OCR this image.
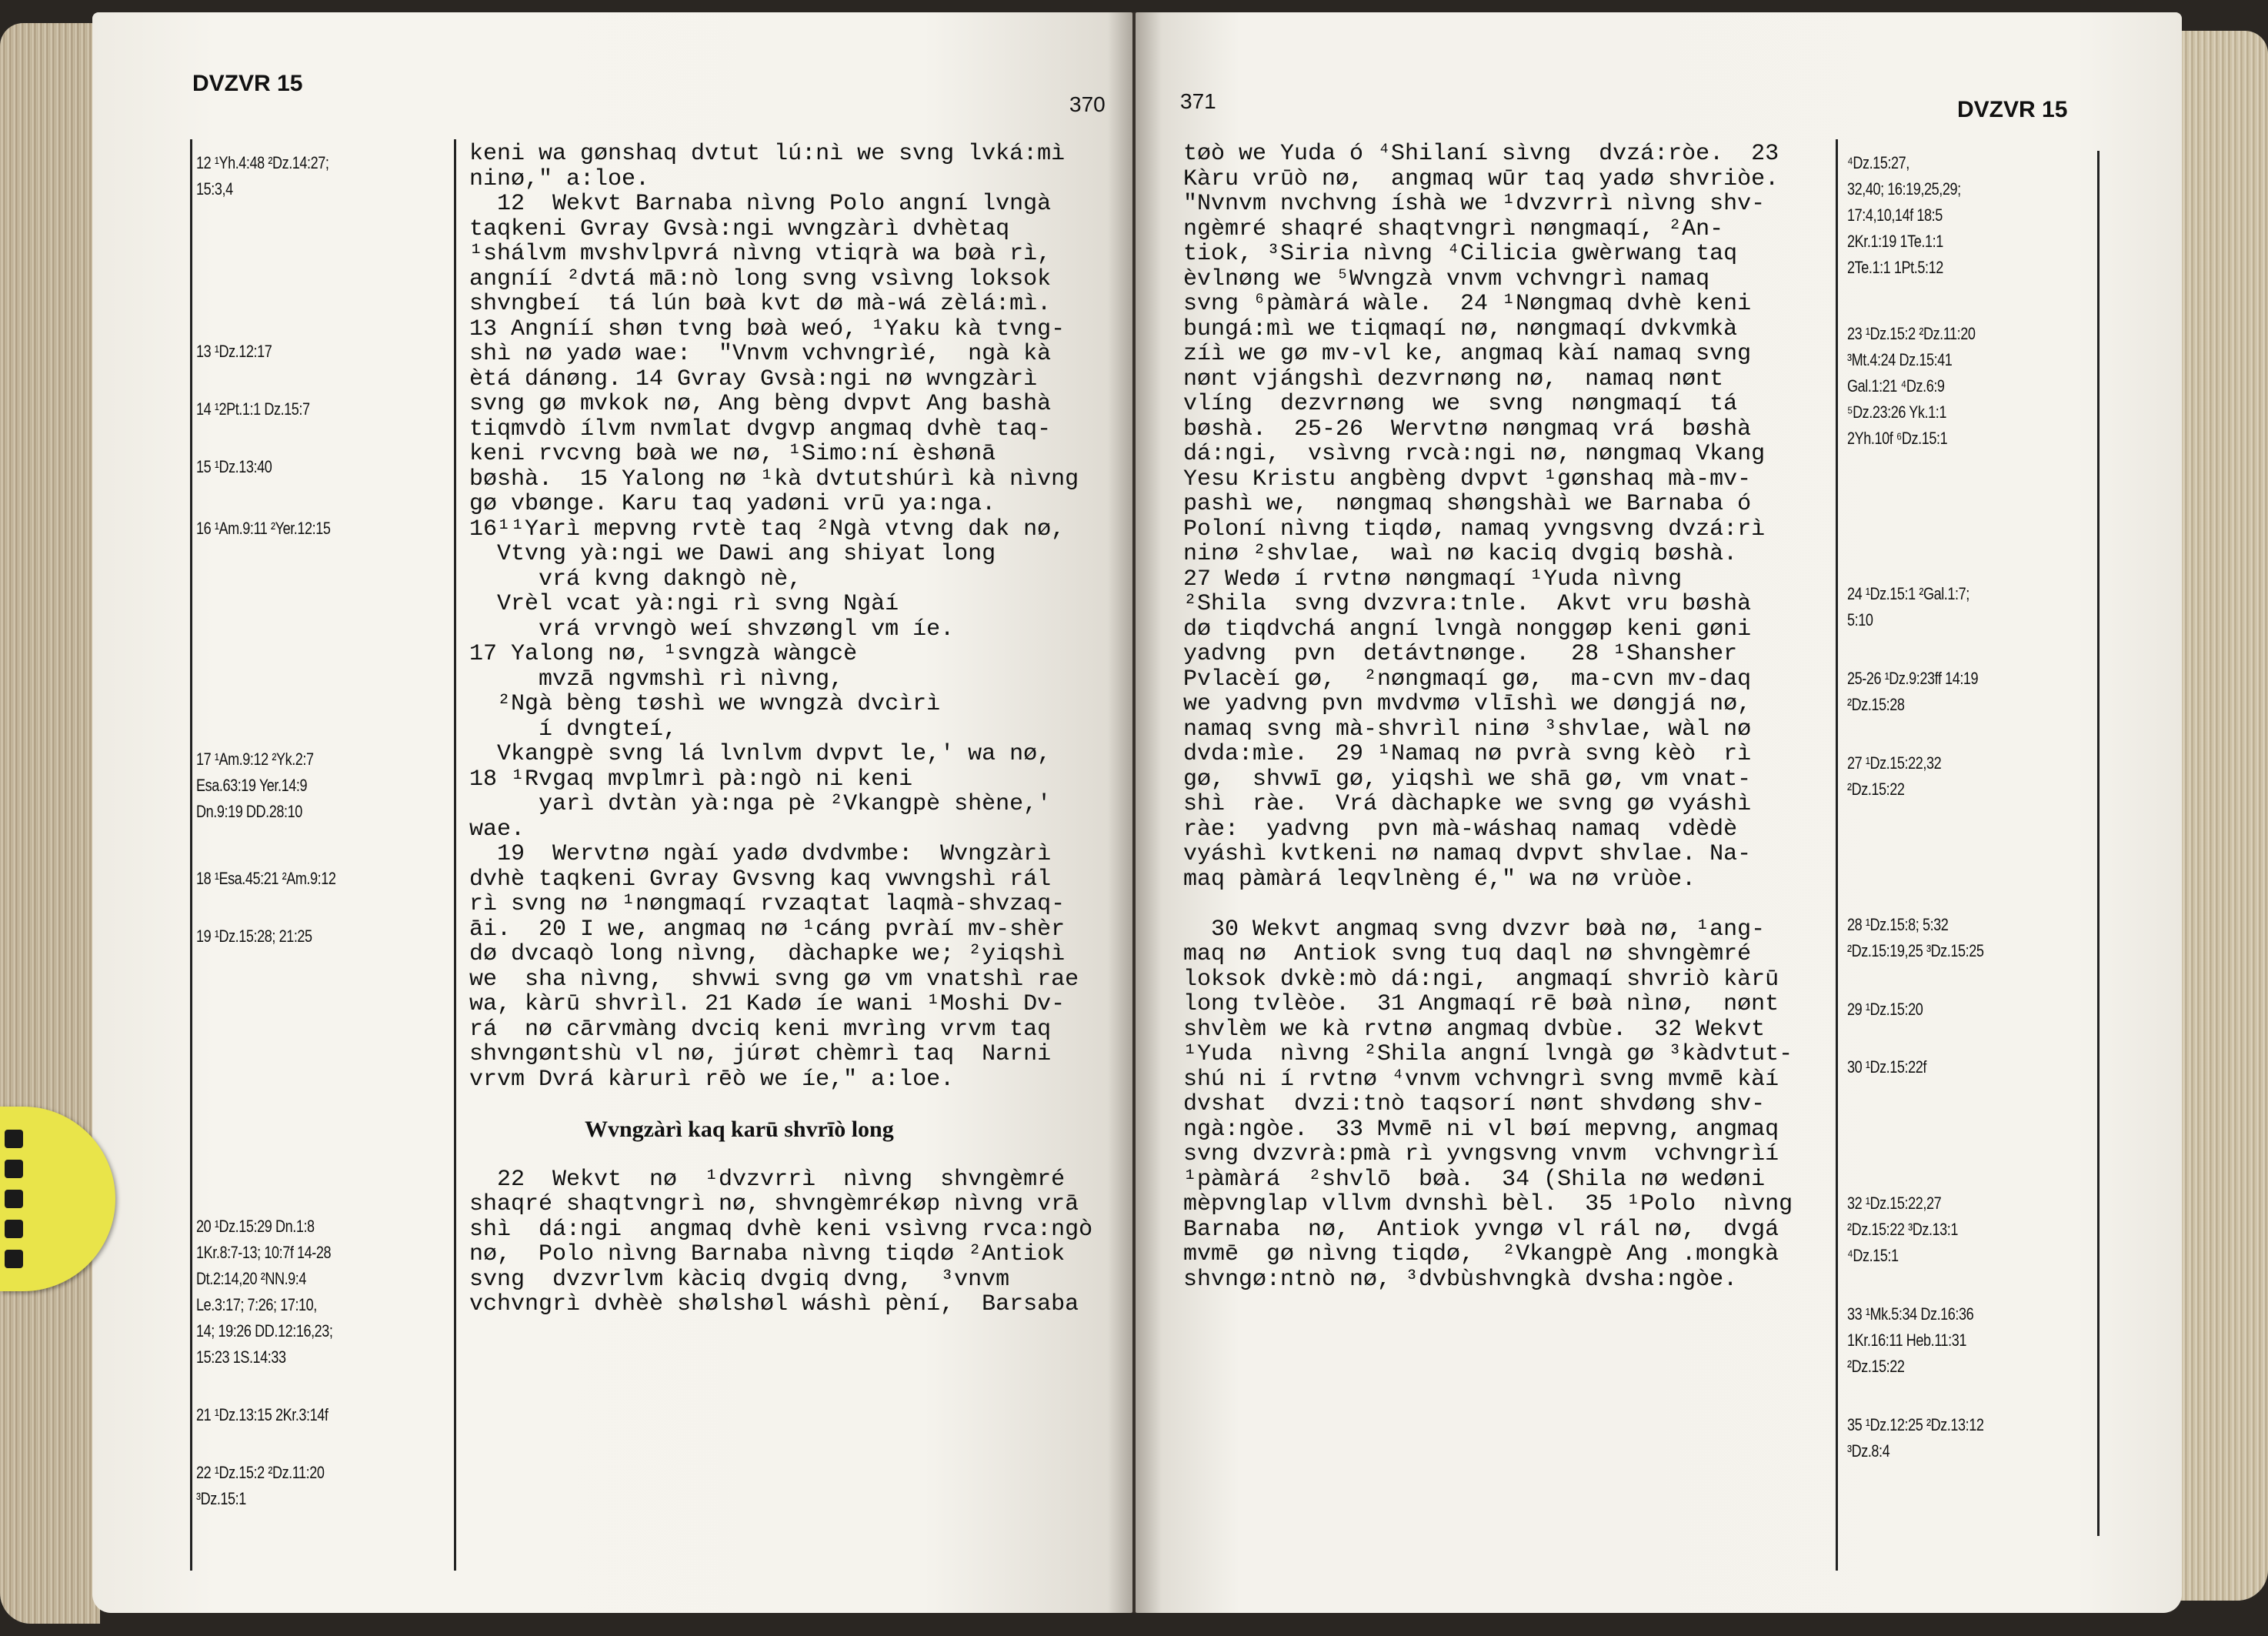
DVZVR 15
370
12 ¹Yh.4:48 ²Dz.14:27;
15:3,4
13 ¹Dz.12:17
14 ¹2Pt.1:1 Dz.15:7
15 ¹Dz.13:40
16 ¹Am.9:11 ²Yer.12:15
17 ¹Am.9:12 ²Yk.2:7
Esa.63:19 Yer.14:9
Dn.9:19 DD.28:10
18 ¹Esa.45:21 ²Am.9:12
19 ¹Dz.15:28; 21:25
20 ¹Dz.15:29 Dn.1:8
1Kr.8:7-13; 10:7f 14-28
Dt.2:14,20 ²NN.9:4
Le.3:17; 7:26; 17:10,
14; 19:26 DD.12:16,23;
15:23 1S.14:33
21 ¹Dz.13:15 2Kr.3:14f
22 ¹Dz.15:2 ²Dz.11:20
³Dz.15:1
keni wa gønshaq dvtut lú:nì we svng lvká:mì
ninø," a:loe.
12  Wekvt Barnaba nìvng Polo angní lvngà
taqkeni Gvray Gvsà:ngi wvngzàrì dvhètaq
¹shálvm mvshvlpvrá nìvng vtiqrà wa bøà rì,
angníí ²dvtá mā:nò long svng vsìvng loksok
shvngbeí  tá lún bøà kvt dø mà-wá zèlá:mì.
13 Angníí shøn tvng bøà weó, ¹Yaku kà tvng-
shì nø yadø wae:  "Vnvm vchvngrìé,  ngà kà
ètá dánøng. 14 Gvray Gvsà:ngi nø wvngzàrì
svng gø mvkok nø, Ang bèng dvpvt Ang bashà
tiqmvdò ílvm nvmlat dvgvp angmaq dvhè taq-
keni rvcvng bøà we nø, ¹Simo:ní èshønā
bøshà.  15 Yalong nø ¹kà dvtutshúrì kà nìvng
gø vbønge. Karu taq yadøni vrū ya:nga.
16¹¹Yarì mepvng rvtè taq ²Ngà vtvng dak nø,
Vtvng yà:ngi we Dawi ang shiyat long
vrá kvng dakngò nè,
Vrèl vcat yà:ngi rì svng Ngàí
vrá vrvngò weí shvzøngl vm íe.
17 Yalong nø, ¹svngzà wàngcè
mvzā ngvmshì rì nìvng,
²Ngà bèng tøshì we wvngzà dvcìrì
í dvngteí,
Vkangpè svng lá lvnlvm dvpvt le,' wa nø,
18 ¹Rvgaq mvplmrì pà:ngò ni keni
yarì dvtàn yà:nga pè ²Vkangpè shène,'
wae.
19  Wervtnø ngàí yadø dvdvmbe:  Wvngzàrì
dvhè taqkeni Gvray Gvsvng kaq vwvngshì rál
rì svng nø ¹nøngmaqí rvzaqtat laqmà-shvzaq-
āi.  20 I we, angmaq nø ¹cáng pvràí mv-shèr
dø dvcaqò long nìvng,  dàchapke we; ²yiqshì
we  sha nìvng,  shvwi svng gø vm vnatshì rae
wa, kàrū shvrìl. 21 Kadø íe wani ¹Moshi Dv-
rá  nø cārvmàng dvciq keni mvrìng vrvm taq
shvngøntshù vl nø, júrøt chèmrì taq  Narni
vrvm Dvrá kàrurì rēò we íe," a:loe.
Wvngzàrì kaq karū shvrīò long
22  Wekvt  nø  ¹dvzvrrì  nìvng  shvngèmré
shaqré shaqtvngrì nø, shvngèmrékøp nìvng vrā
shì  dá:ngi  angmaq dvhè keni vsìvng rvca:ngò
nø,  Polo nìvng Barnaba nìvng tiqdø ²Antiok
svng  dvzvrlvm kàciq dvgiq dvng,  ³vnvm
vchvngrì dvhèè shølshøl wáshì pèní,  Barsaba
371	DVZVR 15
⁴Dz.15:27,
32,40; 16:19,25,29;
17:4,10,14f 18:5
2Kr.1:19 1Te.1:1
2Te.1:1 1Pt.5:12
23 ¹Dz.15:2 ²Dz.11:20
³Mt.4:24 Dz.15:41
Gal.1:21 ⁴Dz.6:9
⁵Dz.23:26 Yk.1:1
2Yh.10f ⁶Dz.15:1
24 ¹Dz.15:1 ²Gal.1:7;
5:10
25-26 ¹Dz.9:23ff 14:19
²Dz.15:28
27 ¹Dz.15:22,32
²Dz.15:22
28 ¹Dz.15:8; 5:32
²Dz.15:19,25 ³Dz.15:25
29 ¹Dz.15:20
30 ¹Dz.15:22f
32 ¹Dz.15:22,27
²Dz.15:22 ³Dz.13:1
⁴Dz.15:1
33 ¹Mk.5:34 Dz.16:36
1Kr.16:11 Heb.11:31
²Dz.15:22
35 ¹Dz.12:25 ²Dz.13:12
³Dz.8:4
tøò we Yuda ó ⁴Shilaní sìvng  dvzá:ròe.  23
Kàru vrūò nø,  angmaq wūr taq yadø shvriòe.
"Nvnvm nvchvng íshà we ¹dvzvrrì nìvng shv-
ngèmré shaqré shaqtvngrì nøngmaqí, ²An-
tiok, ³Siria nìvng ⁴Cilicia gwèrwang taq
èvlnøng we ⁵Wvngzà vnvm vchvngrì namaq
svng ⁶pàmàrá wàle.  24 ¹Nøngmaq dvhè keni
bungá:mì we tiqmaqí nø, nøngmaqí dvkvmkà
zíì we gø mv-vl ke, angmaq kàí namaq svng
nønt vjángshì dezvrnøng nø,  namaq nønt
vlíng  dezvrnøng  we  svng  nøngmaqí  tá
bøshà.  25-26  Wervtnø nøngmaq vrá  bøshà
dá:ngi,  vsìvng rvcà:ngi nø, nøngmaq Vkang
Yesu Kristu angbèng dvpvt ¹gønshaq mà-mv-
pashì we,  nøngmaq shøngshàì we Barnaba ó
Poloní nìvng tiqdø, namaq yvngsvng dvzá:rì
ninø ²shvlae,  waì nø kaciq dvgiq bøshà.
27 Wedø í rvtnø nøngmaqí ¹Yuda nìvng
²Shila  svng dvzvra:tnle.  Akvt vru bøshà
dø tiqdvchá angní lvngà nonggøp keni gøni
yadvng  pvn  detávtnønge.   28 ¹Shansher
Pvlacèí gø,  ²nøngmaqí gø,  ma-cvn mv-daq
we yadvng pvn mvdvmø vlīshì we døngjá nø,
namaq svng mà-shvrìl ninø ³shvlae, wàl nø
dvda:mìe.  29 ¹Namaq nø pvrà svng kèò  rì
gø,  shvwī gø, yiqshì we shā gø, vm vnat-
shì  ràe.  Vrá dàchapke we svng gø vyáshì
ràe:  yadvng  pvn mà-wáshaq namaq  vdèdè
vyáshì kvtkeni nø namaq dvpvt shvlae. Na-
maq pàmàrá leqvlnèng é," wa nø vrùòe.
30 Wekvt angmaq svng dvzvr bøà nø, ¹ang-
maq nø  Antiok svng tuq daql nø shvngèmré
loksok dvkè:mò dá:ngi,  angmaqí shvriò kàrū
long tvlèòe.  31 Angmaqí rē bøà nìnø,  nønt
shvlèm we kà rvtnø angmaq dvbùe.  32 Wekvt
¹Yuda  nìvng ²Shila angní lvngà gø ³kàdvtut-
shú ni í rvtnø ⁴vnvm vchvngrì svng mvmē kàí
dvshat  dvzi:tnò taqsorí nønt shvdøng shv-
ngà:ngòe.  33 Mvmē ni vl bøí mepvng, angmaq
svng dvzvrà:pmà rì yvngsvng vnvm  vchvngrìí
¹pàmàrá  ²shvlō  bøà.  34 (Shila nø wedøni
mèpvnglap vllvm dvnshì bèl.  35 ¹Polo  nìvng
Barnaba  nø,  Antiok yvngø vl rál nø,  dvgá
mvmē  gø nìvng tiqdø,  ²Vkangpè Ang .mongkà
shvngø:ntnò nø, ³dvbùshvngkà dvsha:ngòe.
